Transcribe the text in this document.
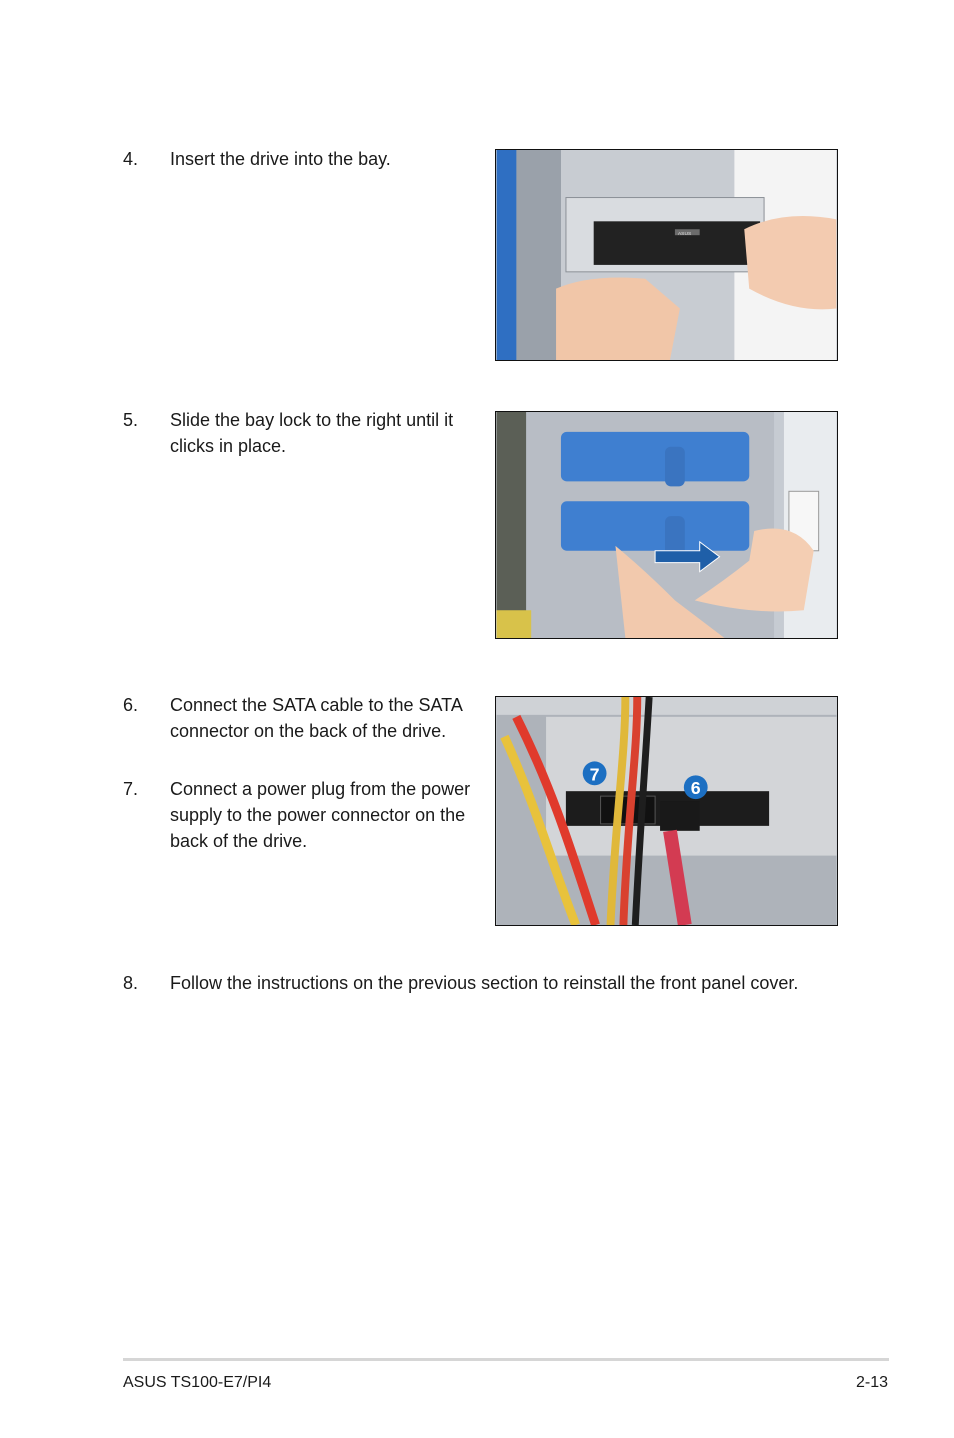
4. Insert the drive into the bay.
ASUS
5. Slide the bay lock to the right until it clicks in place.
6. Connect the SATA cable to the SATA connector on the back of the drive.
7. Connect a power plug from the power supply to the power connector on the back of the drive.
7
6
8. Follow the instructions on the previous section to reinstall the front panel cover.
ASUS TS100-E7/PI4	2-13
